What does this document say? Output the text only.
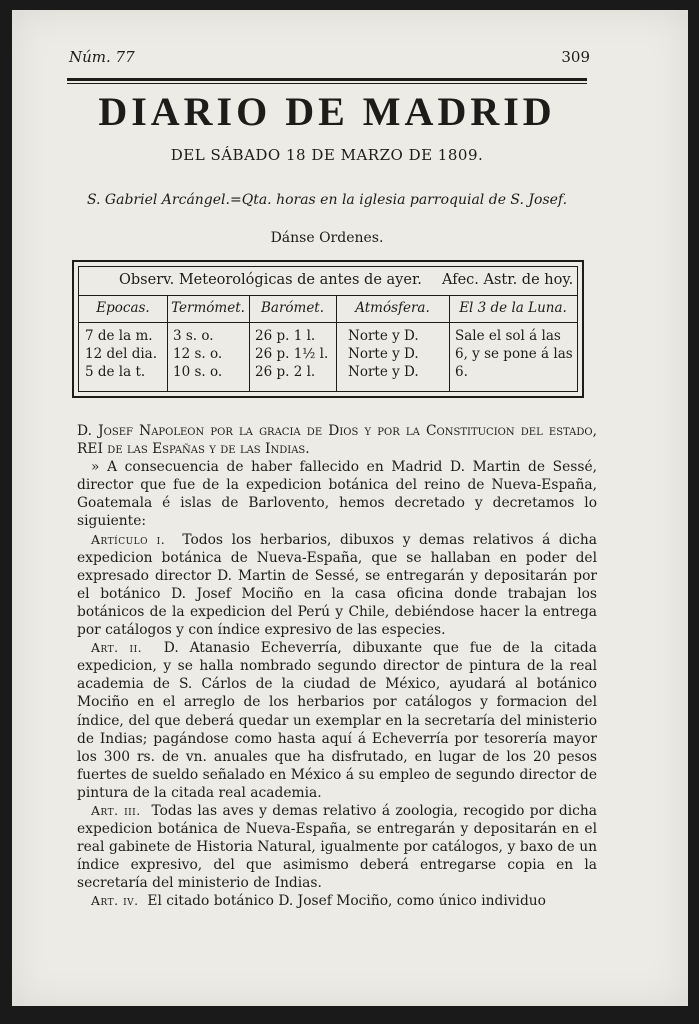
Núm. 77	309
DIARIO DE MADRID
DEL SÁBADO 18 DE MARZO DE 1809.
S. Gabriel Arcángel.=Qta. horas en la iglesia parroquial de S. Josef.
Dánse Ordenes.
Observ. Meteorológicas de antes de ayer. Afec. Astr. de hoy.
Epocas.
7 de la m.
12 del dia.
5 de la t.
Termómet.
3 s. o.
12 s. o.
10 s. o.
Barómet.
26 p. 1 l.
26 p. 1½ l.
26 p. 2 l.
Atmósfera.
Norte y D.
Norte y D.
Norte y D.
El 3 de la Luna.
Sale el sol á las 6, y se pone á las 6.

D. Josef Napoleon por la gracia de Dios y por la Constitucion del estado, REI de las Españas y de las Indias.

» A consecuencia de haber fallecido en Madrid D. Martin de Sessé, director que fue de la expedicion botánica del reino de Nueva-España, Goatemala é islas de Barlovento, hemos decretado y decretamos lo siguiente:

Artículo i. Todos los herbarios, dibuxos y demas relativos á dicha expedicion botánica de Nueva-España, que se hallaban en poder del expresado director D. Martin de Sessé, se entregarán y depositarán por el botánico D. Josef Mociño en la casa oficina donde trabajan los botánicos de la expedicion del Perú y Chile, debiéndose hacer la entrega por catálogos y con índice expresivo de las especies.

Art. ii. D. Atanasio Echeverría, dibuxante que fue de la citada expedicion, y se halla nombrado segundo director de pintura de la real academia de S. Cárlos de la ciudad de México, ayudará al botánico Mociño en el arreglo de los herbarios por catálogos y formacion del índice, del que deberá quedar un exemplar en la secretaría del ministerio de Indias; pagándose como hasta aquí á Echeverría por tesorería mayor los 300 rs. de vn. anuales que ha disfrutado, en lugar de los 20 pesos fuertes de sueldo señalado en México á su empleo de segundo director de pintura de la citada real academia.

Art. iii. Todas las aves y demas relativo á zoologia, recogido por dicha expedicion botánica de Nueva-España, se entregarán y depositarán en el real gabinete de Historia Natural, igualmente por catálogos, y baxo de un índice expresivo, del que asimismo deberá entregarse copia en la secretaría del ministerio de Indias.

Art. iv. El citado botánico D. Josef Mociño, como único individuo
